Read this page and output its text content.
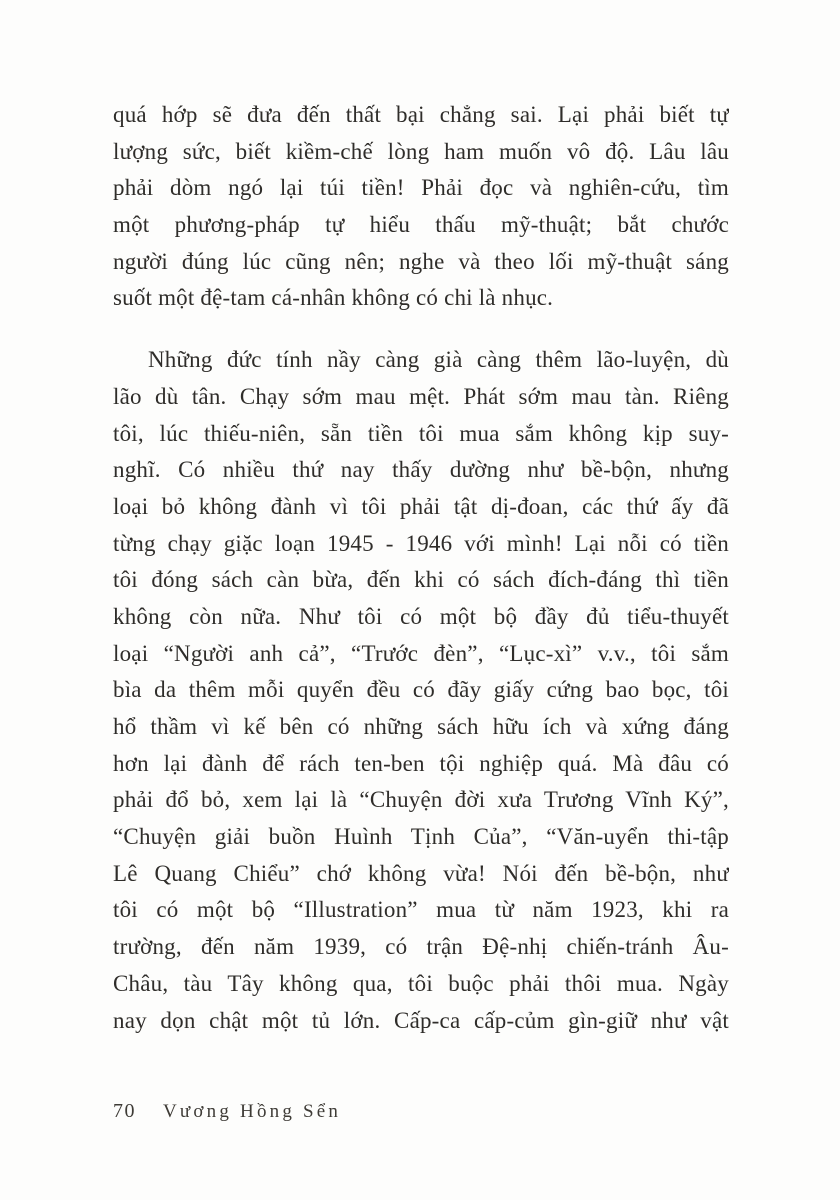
quá hớp sẽ đưa đến thất bại chẳng sai. Lại phải biết tự
lượng sức, biết kiềm-chế lòng ham muốn vô độ. Lâu lâu
phải dòm ngó lại túi tiền! Phải đọc và nghiên-cứu, tìm
một phương-pháp tự hiểu thấu mỹ-thuật; bắt chước
người đúng lúc cũng nên; nghe và theo lối mỹ-thuật sáng
suốt một đệ-tam cá-nhân không có chi là nhục.
Những đức tính nầy càng già càng thêm lão-luyện, dù
lão dù tân. Chạy sớm mau mệt. Phát sớm mau tàn. Riêng
tôi, lúc thiếu-niên, sẵn tiền tôi mua sắm không kịp suy-
nghĩ. Có nhiều thứ nay thấy dường như bề-bộn, nhưng
loại bỏ không đành vì tôi phải tật dị-đoan, các thứ ấy đã
từng chạy giặc loạn 1945 - 1946 với mình! Lại nỗi có tiền
tôi đóng sách càn bừa, đến khi có sách đích-đáng thì tiền
không còn nữa. Như tôi có một bộ đầy đủ tiểu-thuyết
loại “Người anh cả”, “Trước đèn”, “Lục-xì” v.v., tôi sắm
bìa da thêm mỗi quyển đều có đãy giấy cứng bao bọc, tôi
hổ thầm vì kế bên có những sách hữu ích và xứng đáng
hơn lại đành để rách ten-ben tội nghiệp quá. Mà đâu có
phải đổ bỏ, xem lại là “Chuyện đời xưa Trương Vĩnh Ký”,
“Chuyện giải buồn Huình Tịnh Của”, “Văn-uyển thi-tập
Lê Quang Chiểu” chớ không vừa! Nói đến bề-bộn, như
tôi có một bộ “Illustration” mua từ năm 1923, khi ra
trường, đến năm 1939, có trận Đệ-nhị chiến-tránh Âu-
Châu, tàu Tây không qua, tôi buộc phải thôi mua. Ngày
nay dọn chật một tủ lớn. Cấp-ca cấp-củm gìn-giữ như vật
70 Vương Hồng Sển
